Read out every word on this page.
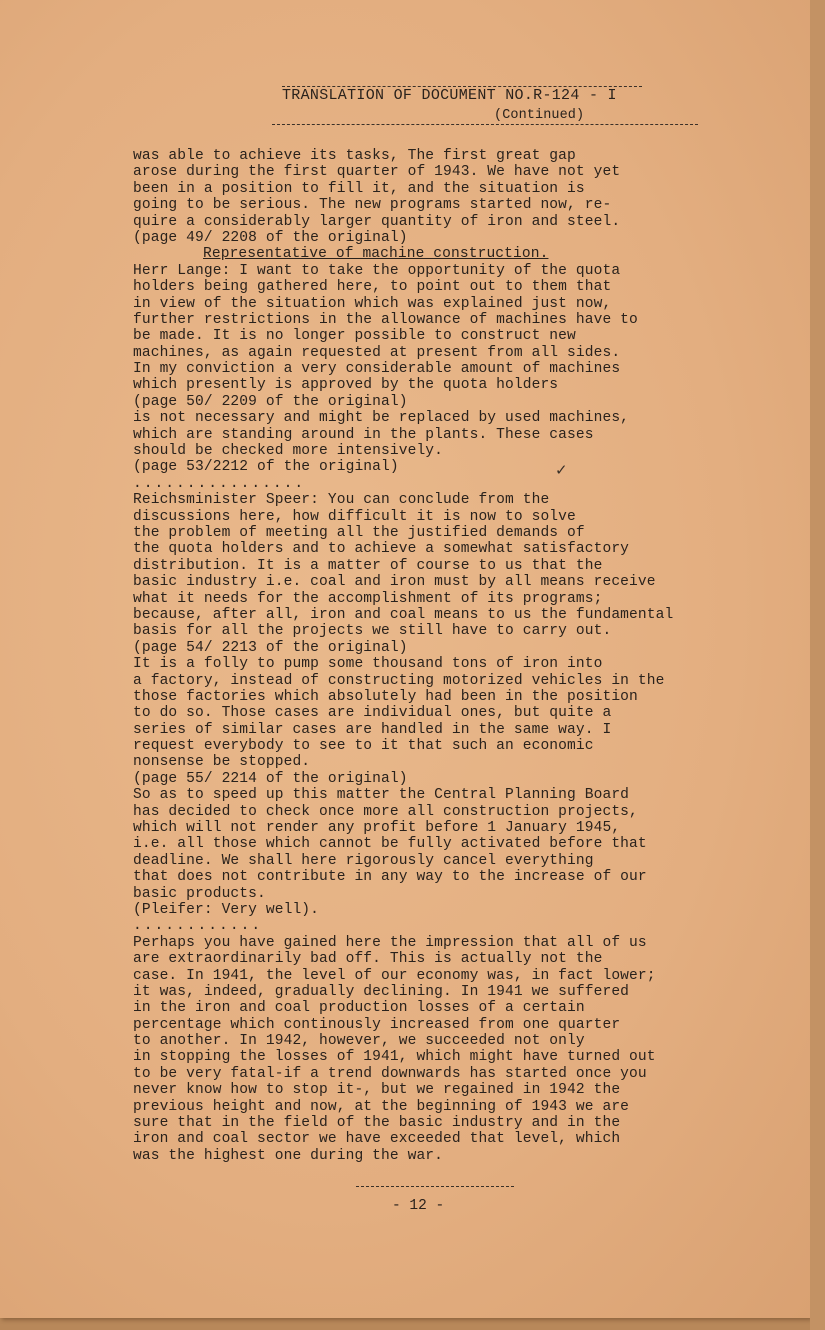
TRANSLATION OF DOCUMENT NO.R-124 - I
(Continued)
was able to achieve its tasks, The first great gap
arose during the first quarter of 1943. We have not yet
been in a position to fill it, and the situation is
going to be serious. The new programs started now, re-
quire a considerably larger quantity of iron and steel.
(page 49/ 2208 of the original)
Representative of machine construction.
Herr Lange: I want to take the opportunity of the quota
holders being gathered here, to point out to them that
in view of the situation which was explained just now,
further restrictions in the allowance of machines have to
be made. It is no longer possible to construct new
machines, as again requested at present from all sides.
In my conviction a very considerable amount of machines
which presently is approved by the quota holders
(page 50/ 2209 of the original)
is not necessary and might be replaced by used machines,
which are standing around in the plants. These cases
should be checked more intensively.
(page 53/2212 of the original)
................
Reichsminister Speer: You can conclude from the
discussions here, how difficult it is now to solve
the problem of meeting all the justified demands of
the quota holders and to achieve a somewhat satisfactory
distribution. It is a matter of course to us that the
basic industry i.e. coal and iron must by all means receive
what it needs for the accomplishment of its programs;
because, after all, iron and coal means to us the fundamental
basis for all the projects we still have to carry out.
(page 54/ 2213 of the original)
It is a folly to pump some thousand tons of iron into
a factory, instead of constructing motorized vehicles in the
those factories which absolutely had been in the position
to do so. Those cases are individual ones, but quite a
series of similar cases are handled in the same way. I
request everybody to see to it that such an economic
nonsense be stopped.
(page 55/ 2214 of the original)
So as to speed up this matter the Central Planning Board
has decided to check once more all construction projects,
which will not render any profit before 1 January 1945,
i.e. all those which cannot be fully activated before that
deadline. We shall here rigorously cancel everything
that does not contribute in any way to the increase of our
basic products.
(Pleifer: Very well).
............
Perhaps you have gained here the impression that all of us
are extraordinarily bad off. This is actually not the
case. In 1941, the level of our economy was, in fact lower;
it was, indeed, gradually declining. In 1941 we suffered
in the iron and coal production losses of a certain
percentage which continously increased from one quarter
to another. In 1942, however, we succeeded not only
in stopping the losses of 1941, which might have turned out
to be very fatal-if a trend downwards has started once you
never know how to stop it-, but we regained in 1942 the
previous height and now, at the beginning of 1943 we are
sure that in the field of the basic industry and in the
iron and coal sector we have exceeded that level, which
was the highest one during the war.
✓
- 12 -
